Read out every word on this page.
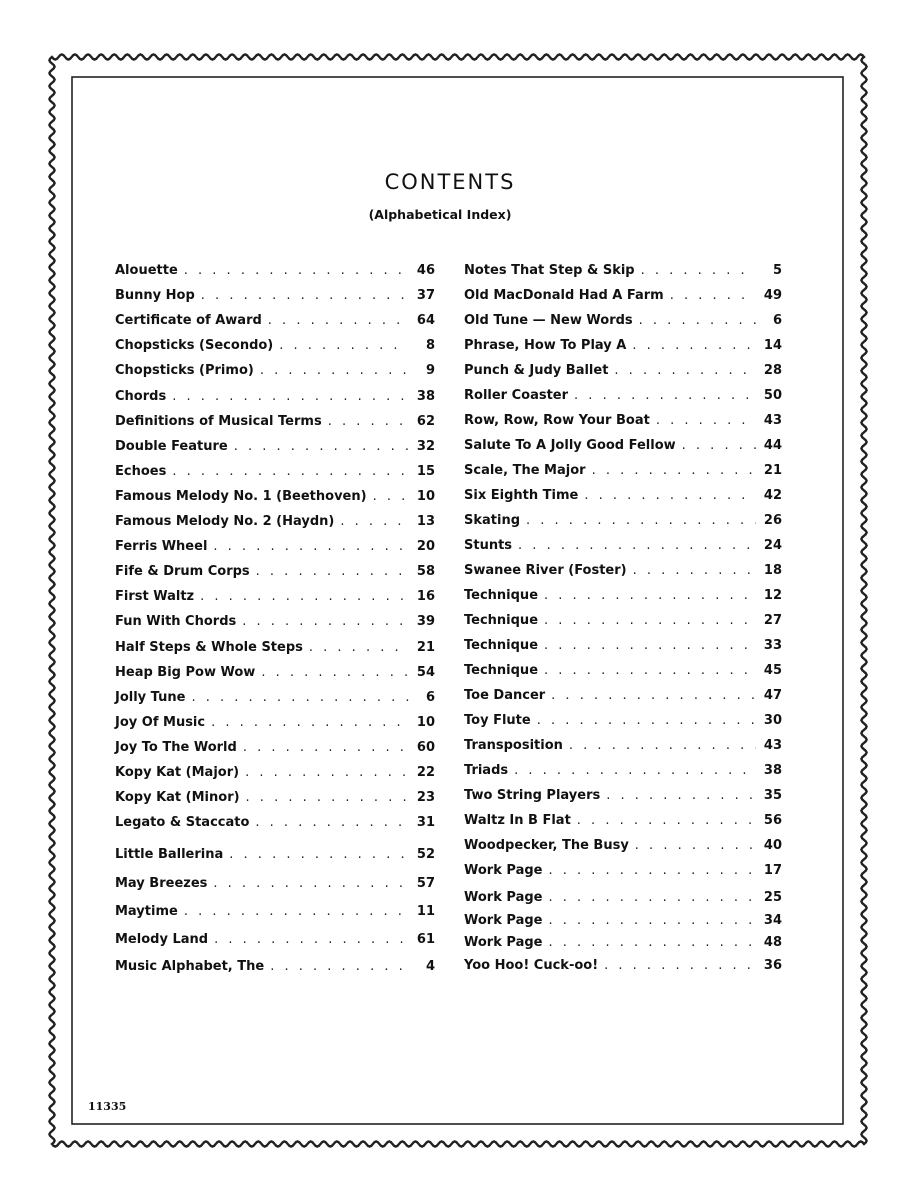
CONTENTS
(Alphabetical Index)
Alouette . . .	46
Bunny Hop . . .	37
Certificate of Award . . .	64
Chopsticks (Secondo) . . .	8
Chopsticks (Primo) . . .	9
Chords . . .	38
Definitions of Musical Terms . . .	62
Double Feature . . .	32
Echoes . . .	15
Famous Melody No. 1 (Beethoven) . . .	10
Famous Melody No. 2 (Haydn) . . .	13
Ferris Wheel . . .	20
Fife & Drum Corps . . .	58
First Waltz . . .	16
Fun With Chords . . .	39
Half Steps & Whole Steps . . .	21
Heap Big Pow Wow . . .	54
Jolly Tune . . .	6
Joy Of Music . . .	10
Joy To The World . . .	60
Kopy Kat (Major) . . .	22
Kopy Kat (Minor) . . .	23
Legato & Staccato . . .	31
Little Ballerina . . .	52
May Breezes . . .	57
Maytime . . .	11
Melody Land . . .	61
Music Alphabet, The . . .	4
Notes That Step & Skip . . .	5
Old MacDonald Had A Farm . . .	49
Old Tune — New Words . . .	6
Phrase, How To Play A . . .	14
Punch & Judy Ballet . . .	28
Roller Coaster . . .	50
Row, Row, Row Your Boat . . .	43
Salute To A Jolly Good Fellow . . .	44
Scale, The Major . . .	21
Six Eighth Time . . .	42
Skating . . .	26
Stunts . . .	24
Swanee River (Foster) . . .	18
Technique . . .	12
Technique . . .	27
Technique . . .	33
Technique . . .	45
Toe Dancer . . .	47
Toy Flute . . .	30
Transposition . . .	43
Triads . . .	38
Two String Players . . .	35
Waltz In B Flat . . .	56
Woodpecker, The Busy . . .	40
Work Page . . .	17
Work Page . . .	25
Work Page . . .	34
Work Page . . .	48
Yoo Hoo! Cuck-oo! . . .	36
11335
